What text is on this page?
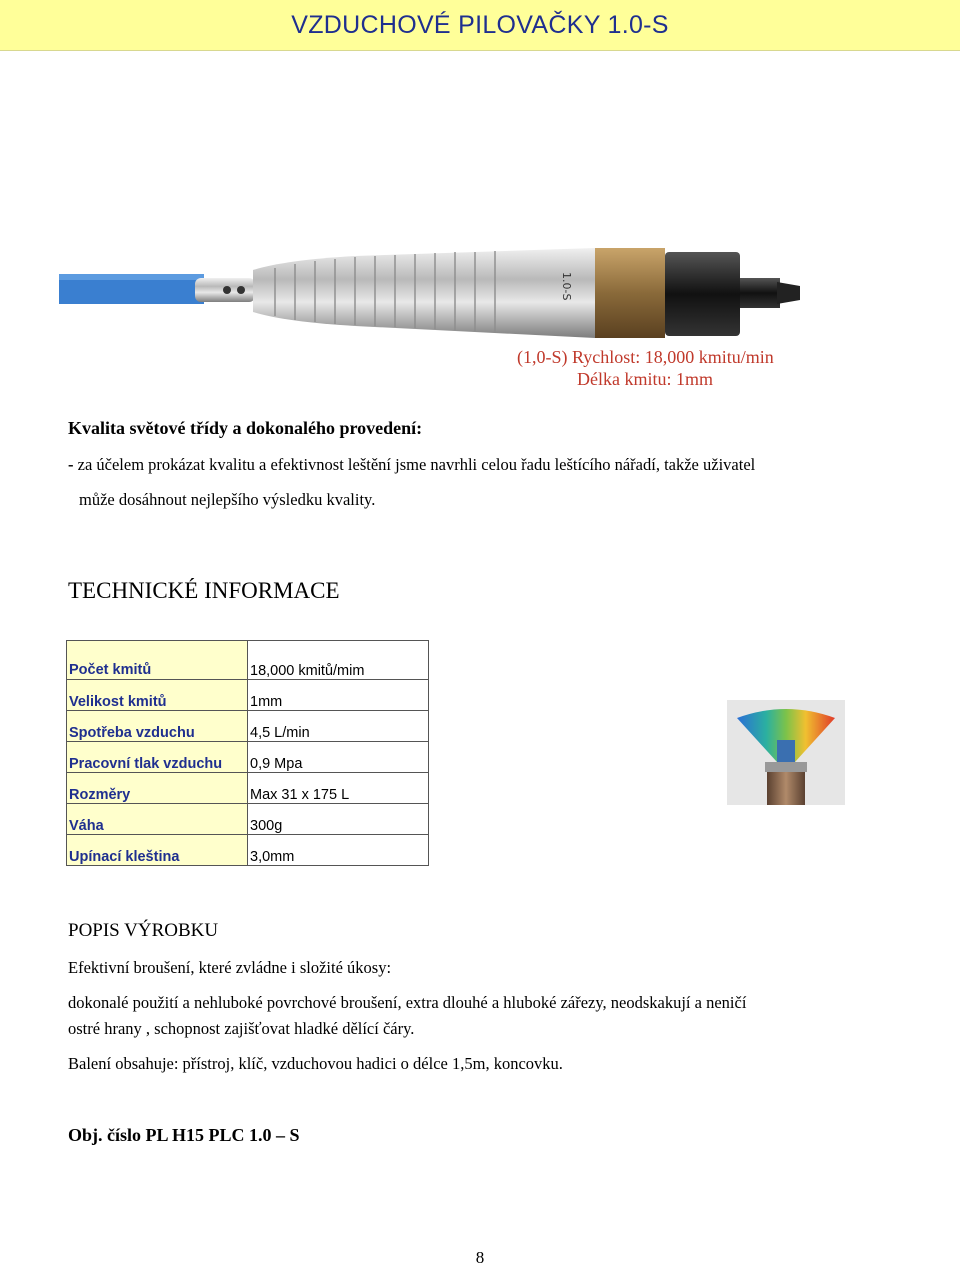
VZDUCHOVÉ PILOVAČKY 1.0-S
1.0-S
(1,0-S) Rychlost: 18,000 kmitu/min
Délka kmitu: 1mm
Kvalita světové třídy a dokonalého provedení:
- za účelem prokázat kvalitu a efektivnost leštění jsme navrhli celou řadu leštícího nářadí, takže uživatel
může dosáhnout nejlepšího výsledku kvality.
TECHNICKÉ INFORMACE
Počet kmitů	18,000 kmitů/mim
Velikost kmitů	1mm
Spotřeba vzduchu	4,5 L/min
Pracovní tlak vzduchu	0,9 Mpa
Rozměry	Max 31 x 175 L
Váha	300g
Upínací kleština	3,0mm
POPIS VÝROBKU
Efektivní broušení, které zvládne i složité úkosy:
dokonalé použití a nehluboké povrchové broušení, extra dlouhé a hluboké zářezy, neodskakují a neničí
ostré hrany , schopnost zajišťovat hladké dělící čáry.
Balení obsahuje: přístroj, klíč, vzduchovou hadici o délce 1,5m, koncovku.
Obj. číslo PL H15 PLC 1.0 – S
8
